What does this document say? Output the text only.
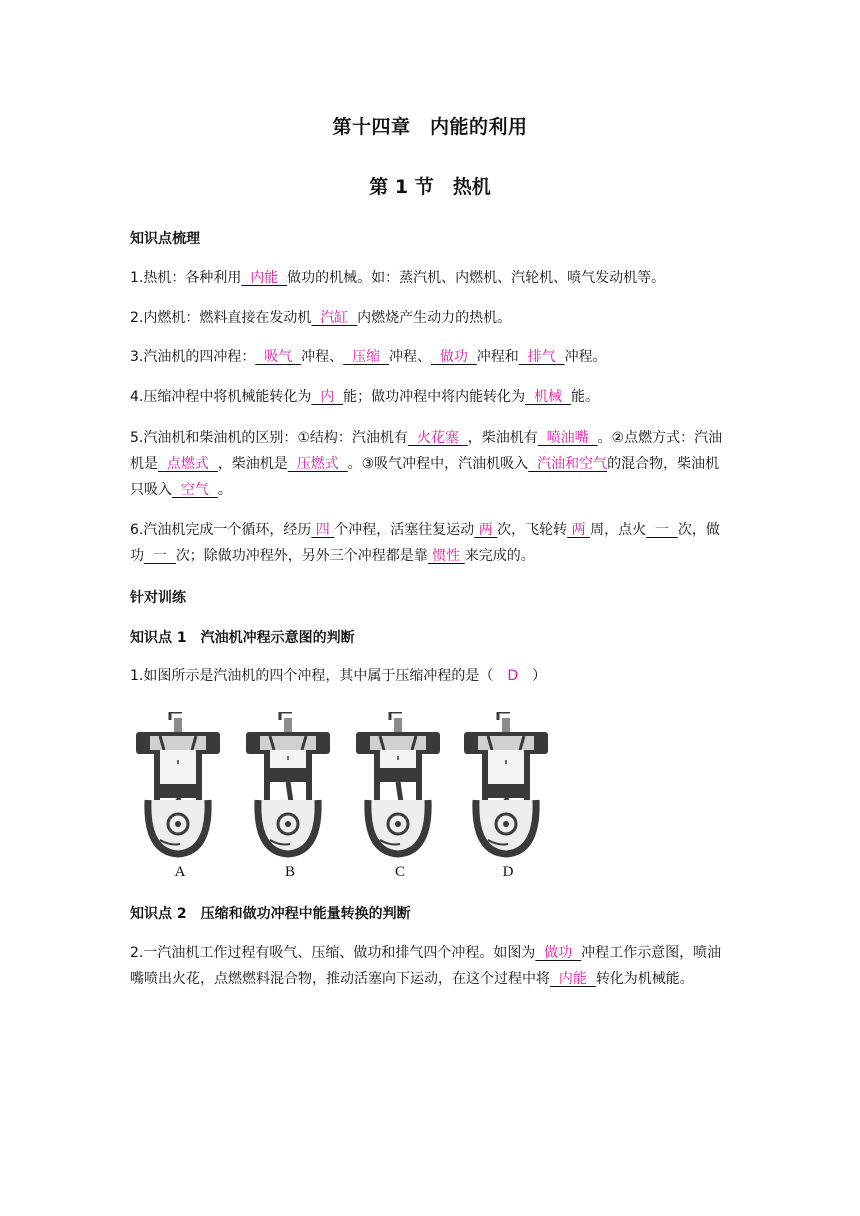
第十四章　内能的利用
第 1 节　热机
知识点梳理
1.热机：各种利用  内能  做功的机械。如：蒸汽机、内燃机、汽轮机、喷气发动机等。
2.内燃机：燃料直接在发动机  汽缸  内燃烧产生动力的热机。
3.汽油机的四冲程：  吸气  冲程、  压缩  冲程、  做功  冲程和  排气  冲程。
4.压缩冲程中将机械能转化为  内  能；做功冲程中将内能转化为  机械  能。
5.汽油机和柴油机的区别：①结构：汽油机有  火花塞  ，柴油机有  喷油嘴  。②点燃方式：汽油机是  点燃式  ，柴油机是  压燃式  。③吸气冲程中，汽油机吸入  汽油和空气的混合物，柴油机只吸入  空气  。
6.汽油机完成一个循环，经历 四 个冲程，活塞往复运动 两 次，飞轮转 两 周，点火  一  次，做功  一  次；除做功冲程外，另外三个冲程都是靠 惯性 来完成的。
针对训练
知识点 1　汽油机冲程示意图的判断
1.如图所示是汽油机的四个冲程，其中属于压缩冲程的是（　D　）
A	B	C	D
知识点 2　压缩和做功冲程中能量转换的判断
2.一汽油机工作过程有吸气、压缩、做功和排气四个冲程。如图为  做功  冲程工作示意图，喷油嘴喷出火花，点燃燃料混合物，推动活塞向下运动，在这个过程中将  内能  转化为机械能。
